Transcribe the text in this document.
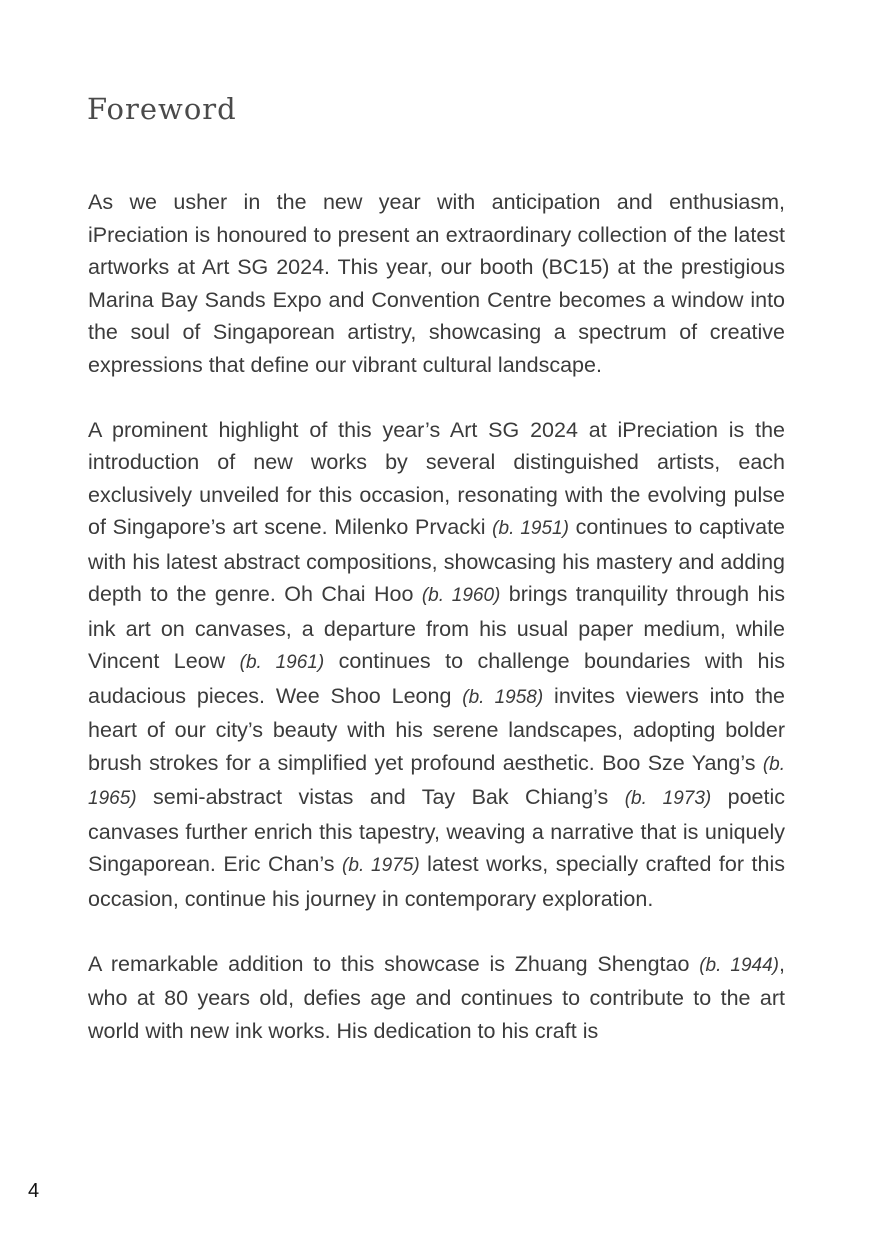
Foreword

As we usher in the new year with anticipation and enthusiasm, iPreciation is honoured to present an extraordinary collection of the latest artworks at Art SG 2024. This year, our booth (BC15) at the prestigious Marina Bay Sands Expo and Convention Centre becomes a window into the soul of Singaporean artistry, showcasing a spectrum of creative expressions that define our vibrant cultural landscape.

A prominent highlight of this year’s Art SG 2024 at iPreciation is the introduction of new works by several distinguished artists, each exclusively unveiled for this occasion, resonating with the evolving pulse of Singapore’s art scene. Milenko Prvacki (b. 1951) continues to captivate with his latest abstract compositions, showcasing his mastery and adding depth to the genre. Oh Chai Hoo (b. 1960) brings tranquility through his ink art on canvases, a departure from his usual paper medium, while Vincent Leow (b. 1961) continues to challenge boundaries with his audacious pieces. Wee Shoo Leong (b. 1958) invites viewers into the heart of our city’s beauty with his serene landscapes, adopting bolder brush strokes for a simplified yet profound aesthetic. Boo Sze Yang’s (b. 1965) semi-abstract vistas and Tay Bak Chiang’s (b. 1973) poetic canvases further enrich this tapestry, weaving a narrative that is uniquely Singaporean. Eric Chan’s (b. 1975) latest works, specially crafted for this occasion, continue his journey in contemporary exploration.

A remarkable addition to this showcase is Zhuang Shengtao (b. 1944), who at 80 years old, defies age and continues to contribute to the art world with new ink works. His dedication to his craft is

4
